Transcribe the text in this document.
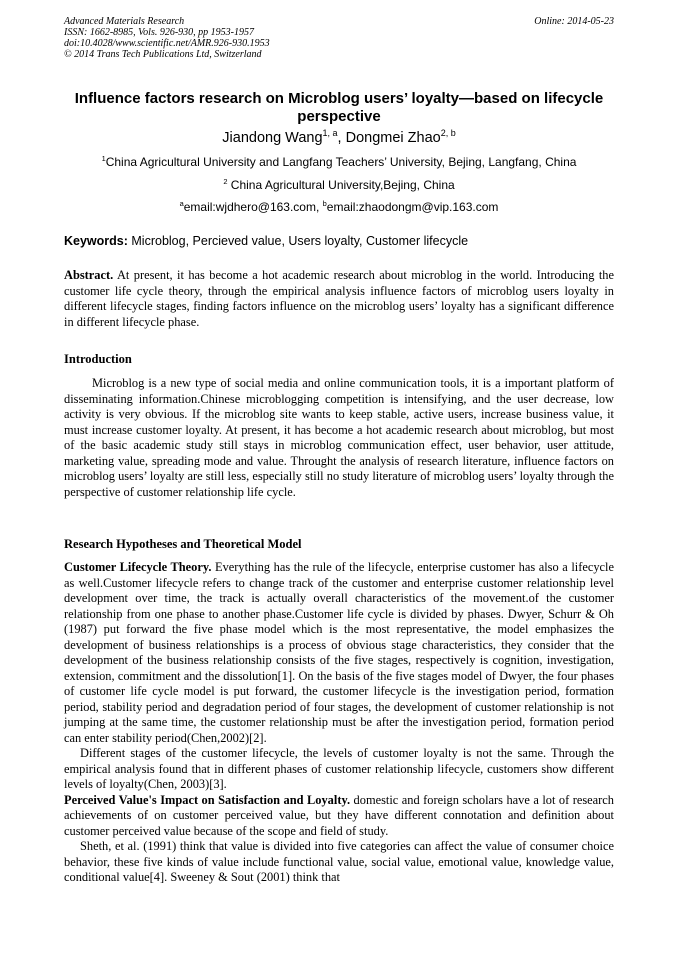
Advanced Materials Research
ISSN: 1662-8985, Vols. 926-930, pp 1953-1957
doi:10.4028/www.scientific.net/AMR.926-930.1953
© 2014 Trans Tech Publications Ltd, Switzerland
Online: 2014-05-23
Influence factors research on Microblog users’ loyalty—based on lifecycle perspective
Jiandong Wang$^{1, a}$, Dongmei Zhao$^{2, b}$
$^1$China Agricultural University and Langfang Teachers’ University, Bejing, Langfang, China
$^2$ China Agricultural University,Bejing, China
$^a$email:wjdhero@163.com, $^b$email:zhaodongm@vip.163.com
Keywords: Microblog, Percieved value, Users loyalty, Customer lifecycle
Abstract. At present, it has become a hot academic research about microblog in the world. Introducing the customer life cycle theory, through the empirical analysis influence factors of microblog users loyalty in different lifecycle stages, finding factors influence on the microblog users’ loyalty has a significant difference in different lifecycle phase.
Introduction

Microblog is a new type of social media and online communication tools, it is a important platform of disseminating information.Chinese microblogging competition is intensifying, and the user decrease, low activity is very obvious. If the microblog site wants to keep stable, active users, increase business value, it must increase customer loyalty. At present, it has become a hot academic research about microblog, but most of the basic academic study still stays in microblog communication effect, user behavior, user attitude, marketing value, spreading mode and value. Throught the analysis of research literature, influence factors on microblog users’ loyalty are still less, especially still no study literature of microblog users’ loyalty through the perspective of customer relationship life cycle.

Research Hypotheses and Theoretical Model

Customer Lifecycle Theory. Everything has the rule of the lifecycle, enterprise customer has also a lifecycle as well.Customer lifecycle refers to change track of the customer and enterprise customer relationship level development over time, the track is actually overall characteristics of the movement.of the customer relationship from one phase to another phase.Customer life cycle is divided by phases. Dwyer, Schurr & Oh (1987) put forward the five phase model which is the most representative, the model emphasizes the development of business relationships is a process of obvious stage characteristics, they consider that the development of the business relationship consists of the five stages, respectively is cognition, investigation, extension, commitment and the dissolution[1]. On the basis of the five stages model of Dwyer, the four phases of customer life cycle model is put forward, the customer lifecycle is the investigation period, formation period, stability period and degradation period of four stages, the development of customer relationship is not jumping at the same time, the customer relationship must be after the investigation period, formation period can enter stability period(Chen,2002)[2].

Different stages of the customer lifecycle, the levels of customer loyalty is not the same. Through the empirical analysis found that in different phases of customer relationship lifecycle, customers show different levels of loyalty(Chen, 2003)[3].

Perceived Value's Impact on Satisfaction and Loyalty. domestic and foreign scholars have a lot of research achievements of on customer perceived value, but they have different connotation and definition about customer perceived value because of the scope and field of study.

Sheth, et al. (1991) think that value is divided into five categories can affect the value of consumer choice behavior, these five kinds of value include functional value, social value, emotional value, knowledge value, conditional value[4]. Sweeney & Sout (2001) think that
